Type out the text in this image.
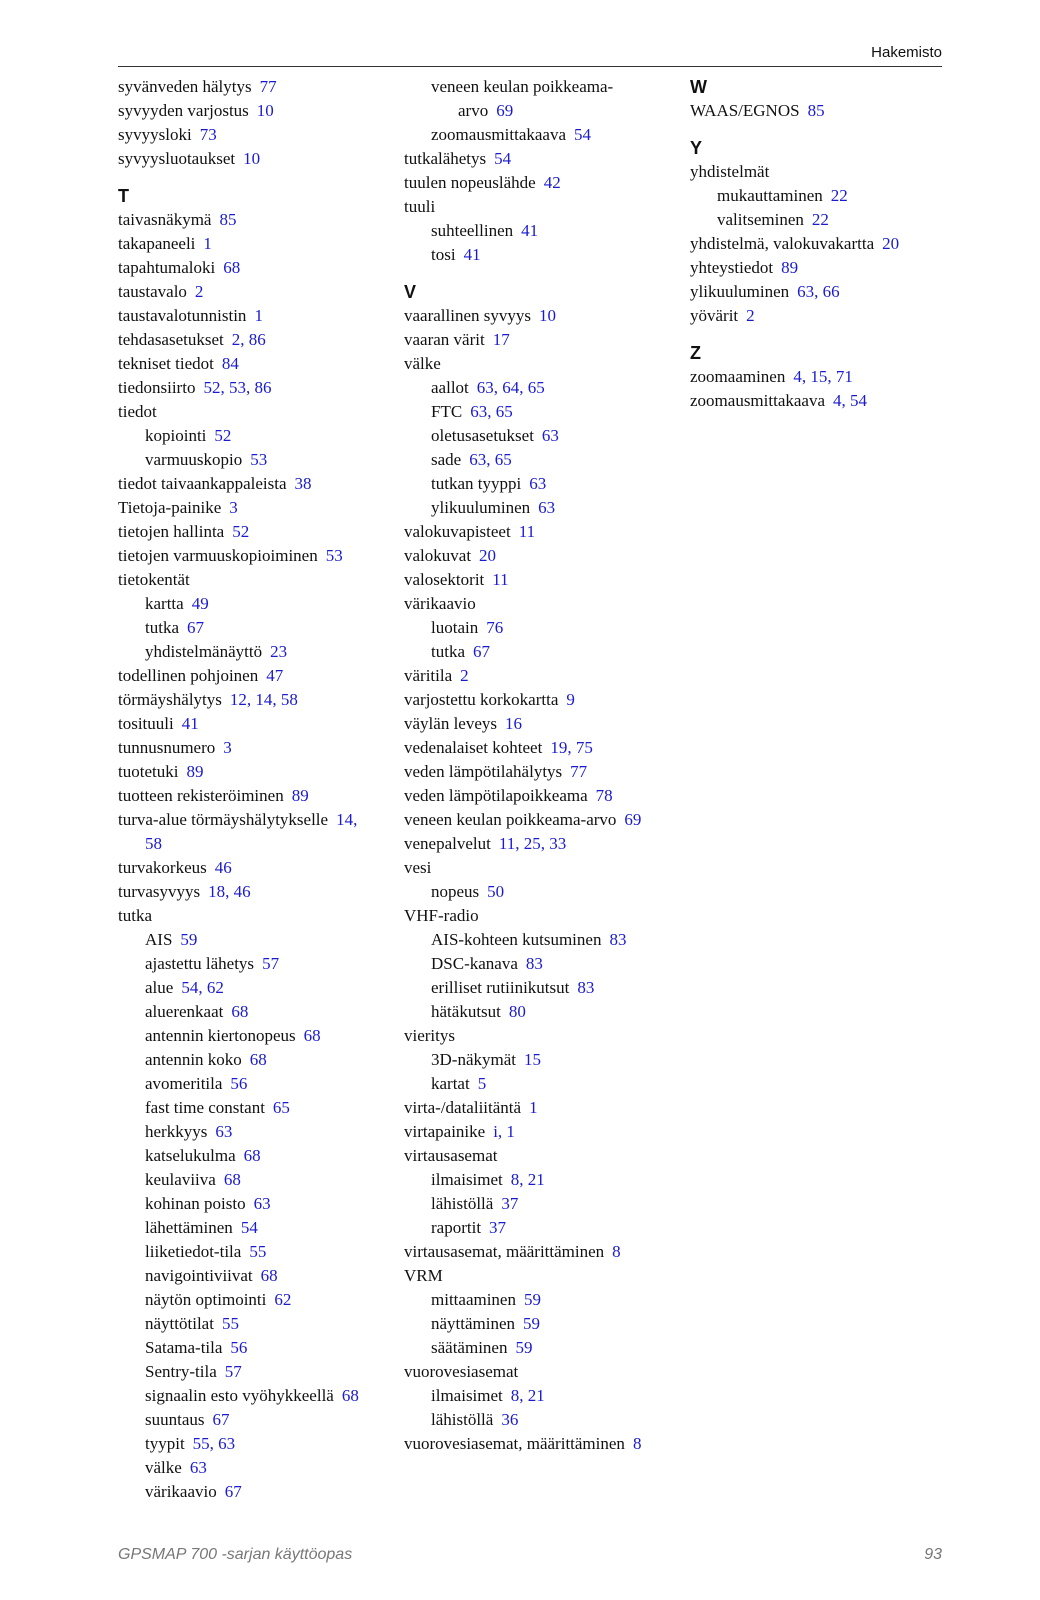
Hakemisto
syvänveden hälytys 77
syvyyden varjostus 10
syvyysloki 73
syvyysluotaukset 10
T
taivasnäkymä 85
takapaneeli 1
tapahtumaloki 68
taustavalo 2
taustavalotunnistin 1
tehdasasetukset 2, 86
tekniset tiedot 84
tiedonsiirto 52, 53, 86
tiedot
kopiointi 52
varmuuskopio 53
tiedot taivaankappaleista 38
Tietoja-painike 3
tietojen hallinta 52
tietojen varmuuskopioiminen 53
tietokentät
kartta 49
tutka 67
yhdistelmänäyttö 23
todellinen pohjoinen 47
törmäyshälytys 12, 14, 58
tosituuli 41
tunnusnumero 3
tuotetuki 89
tuotteen rekisteröiminen 89
turva-alue törmäyshälytykselle 14,
58
turvakorkeus 46
turvasyvyys 18, 46
tutka
AIS 59
ajastettu lähetys 57
alue 54, 62
aluerenkaat 68
antennin kiertonopeus 68
antennin koko 68
avomeritila 56
fast time constant 65
herkkyys 63
katselukulma 68
keulaviiva 68
kohinan poisto 63
lähettäminen 54
liiketiedot-tila 55
navigointiviivat 68
näytön optimointi 62
näyttötilat 55
Satama-tila 56
Sentry-tila 57
signaalin esto vyöhykkeellä 68
suuntaus 67
tyypit 55, 63
välke 63
värikaavio 67
veneen keulan poikkeama-
arvo 69
zoomausmittakaava 54
tutkalähetys 54
tuulen nopeuslähde 42
tuuli
suhteellinen 41
tosi 41
V
vaarallinen syvyys 10
vaaran värit 17
välke
aallot 63, 64, 65
FTC 63, 65
oletusasetukset 63
sade 63, 65
tutkan tyyppi 63
ylikuuluminen 63
valokuvapisteet 11
valokuvat 20
valosektorit 11
värikaavio
luotain 76
tutka 67
väritila 2
varjostettu korkokartta 9
väylän leveys 16
vedenalaiset kohteet 19, 75
veden lämpötilahälytys 77
veden lämpötilapoikkeama 78
veneen keulan poikkeama-arvo 69
venepalvelut 11, 25, 33
vesi
nopeus 50
VHF-radio
AIS-kohteen kutsuminen 83
DSC-kanava 83
erilliset rutiinikutsut 83
hätäkutsut 80
vieritys
3D-näkymät 15
kartat 5
virta-/dataliitäntä 1
virtapainike i, 1
virtausasemat
ilmaisimet 8, 21
lähistöllä 37
raportit 37
virtausasemat, määrittäminen 8
VRM
mittaaminen 59
näyttäminen 59
säätäminen 59
vuorovesiasemat
ilmaisimet 8, 21
lähistöllä 36
vuorovesiasemat, määrittäminen 8
W
WAAS/EGNOS 85
Y
yhdistelmät
mukauttaminen 22
valitseminen 22
yhdistelmä, valokuvakartta 20
yhteystiedot 89
ylikuuluminen 63, 66
yövärit 2
Z
zoomaaminen 4, 15, 71
zoomausmittakaava 4, 54
GPSMAP 700 -sarjan käyttöopas	93
